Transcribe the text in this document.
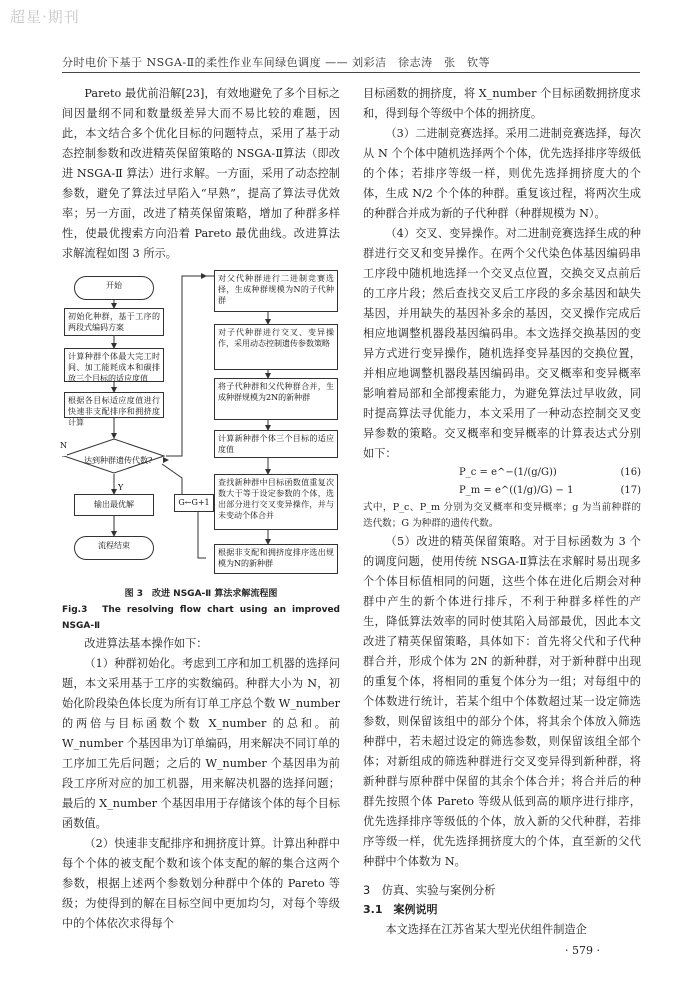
超星·期刊
分时电价下基于 NSGA-Ⅱ的柔性作业车间绿色调度 —— 刘彩洁　徐志涛　张　钦等

Pareto 最优前沿解[23]，有效地避免了多个目标之间因量纲不同和数量级差异大而不易比较的难题，因此，本文结合多个优化目标的问题特点，采用了基于动态控制参数和改进精英保留策略的 NSGA-Ⅱ算法（即改进 NSGA-Ⅱ 算法）进行求解。一方面，采用了动态控制参数，避免了算法过早陷入“早熟”，提高了算法寻优效率；另一方面，改进了精英保留策略，增加了种群多样性，使最优搜索方向沿着 Pareto 最优曲线。改进算法求解流程如图 3 所示。

开始
初始化种群，基于工序的两段式编码方案
计算种群个体最大完工时间、加工能耗成本和碳排放三个目标的适应度值
根据各目标适应度值进行快速非支配排序和拥挤度计算
达到种群遗传代数?
N
Y
输出最优解
流程结束
G←G+1
对父代种群进行二进制竞赛选择，生成种群规模为N的子代种群
对子代种群进行交叉、变异操作，采用动态控制遗传参数策略
将子代种群和父代种群合并，生成种群规模为2N的新种群
计算新种群个体三个目标的适应度值
查找新种群中目标函数值重复次数大于等于设定参数的个体，选出部分进行交叉变异操作，并与未变动个体合并
根据非支配和拥挤度排序选出规模为N的新种群
图 3　改进 NSGA-Ⅱ 算法求解流程图
Fig.3　The resolving flow chart using an improved NSGA-Ⅱ

改进算法基本操作如下：

（1）种群初始化。考虑到工序和加工机器的选择问题，本文采用基于工序的实数编码。种群大小为 N，初始化阶段染色体长度为所有订单工序总个数 W_number 的两倍与目标函数个数 X_number 的总和。前 W_number 个基因串为订单编码，用来解决不同订单的工序加工先后问题；之后的 W_number 个基因串为前段工序所对应的加工机器，用来解决机器的选择问题；最后的 X_number 个基因串用于存储该个体的每个目标函数值。

（2）快速非支配排序和拥挤度计算。计算出种群中每个个体的被支配个数和该个体支配的解的集合这两个参数，根据上述两个参数划分种群中个体的 Pareto 等级；为使得到的解在目标空间中更加均匀，对每个等级中的个体依次求得每个

目标函数的拥挤度，将 X_number 个目标函数拥挤度求和，得到每个等级中个体的拥挤度。

（3）二进制竞赛选择。采用二进制竞赛选择，每次从 N 个个体中随机选择两个个体，优先选择排序等级低的个体；若排序等级一样，则优先选择拥挤度大的个体，生成 N/2 个个体的种群。重复该过程，将两次生成的种群合并成为新的子代种群（种群规模为 N）。

（4）交叉、变异操作。对二进制竞赛选择生成的种群进行交叉和变异操作。在两个父代染色体基因编码串工序段中随机地选择一个交叉点位置，交换交叉点前后的工序片段；然后查找交叉后工序段的多余基因和缺失基因，并用缺失的基因补多余的基因，交叉操作完成后相应地调整机器段基因编码串。本文选择交换基因的变异方式进行变异操作，随机选择变异基因的交换位置，并相应地调整机器段基因编码串。交叉概率和变异概率影响着局部和全部搜索能力，为避免算法过早收敛，同时提高算法寻优能力，本文采用了一种动态控制交叉变异参数的策略。交叉概率和变异概率的计算表达式分别如下：

P_c = e^−(1/(g/G))	(16)
P_m = e^((1/g)/G) − 1	(17)

式中，P_c、P_m 分别为交叉概率和变异概率；g 为当前种群的迭代数；G 为种群的遗传代数。

（5）改进的精英保留策略。对于目标函数为 3 个的调度问题，使用传统 NSGA-Ⅱ算法在求解时易出现多个个体目标值相同的问题，这些个体在进化后期会对种群中产生的新个体进行排斥，不利于种群多样性的产生，降低算法效率的同时使其陷入局部最优，因此本文改进了精英保留策略，具体如下：首先将父代和子代种群合并，形成个体为 2N 的新种群，对于新种群中出现的重复个体，将相同的重复个体分为一组；对每组中的个体数进行统计，若某个组中个体数超过某一设定筛选参数，则保留该组中的部分个体，将其余个体放入筛选种群中，若未超过设定的筛选参数，则保留该组全部个体；对新组成的筛选种群进行交叉变异得到新种群，将新种群与原种群中保留的其余个体合并；将合并后的种群先按照个体 Pareto 等级从低到高的顺序进行排序，优先选择排序等级低的个体，放入新的父代种群，若排序等级一样，优先选择拥挤度大的个体，直至新的父代种群中个体数为 N。

3　仿真、实验与案例分析

3.1　案例说明

本文选择在江苏省某大型光伏组件制造企

· 579 ·
